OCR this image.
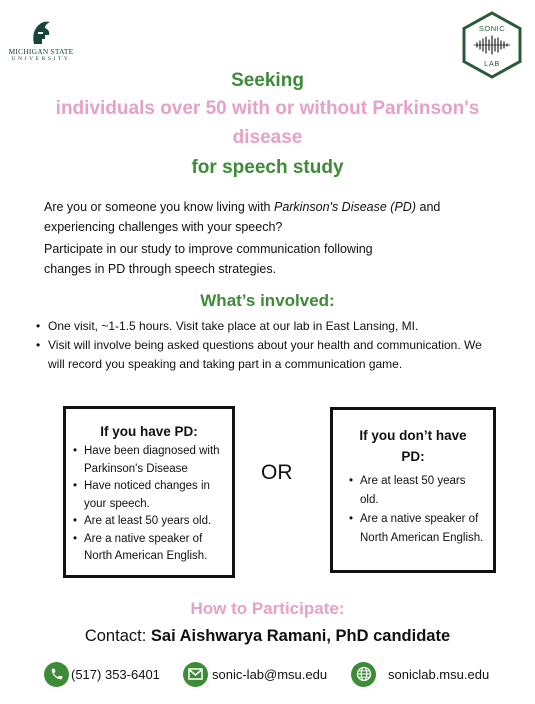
MICHIGAN STATE
UNIVERSITY
SONIC
LAB
Seeking
individuals over 50 with or without Parkinson's
disease
for speech study
Are you or someone you know living with Parkinson's Disease (PD) and experiencing challenges with your speech?
Participate in our study to improve communication following changes in PD through speech strategies.
What’s involved:
• One visit, ~1-1.5 hours. Visit take place at our lab in East Lansing, MI.
• Visit will involve being asked questions about your health and communication. We will record you speaking and taking part in a communication game.
If you have PD:
• Have been diagnosed with Parkinson's Disease
• Have noticed changes in your speech.
• Are at least 50 years old.
• Are a native speaker of North American English.
OR
If you don’t have PD:
• Are at least 50 years old.
• Are a native speaker of North American English.
How to Participate:
Contact: Sai Aishwarya Ramani, PhD candidate
(517) 353-6401	sonic-lab@msu.edu	soniclab.msu.edu
